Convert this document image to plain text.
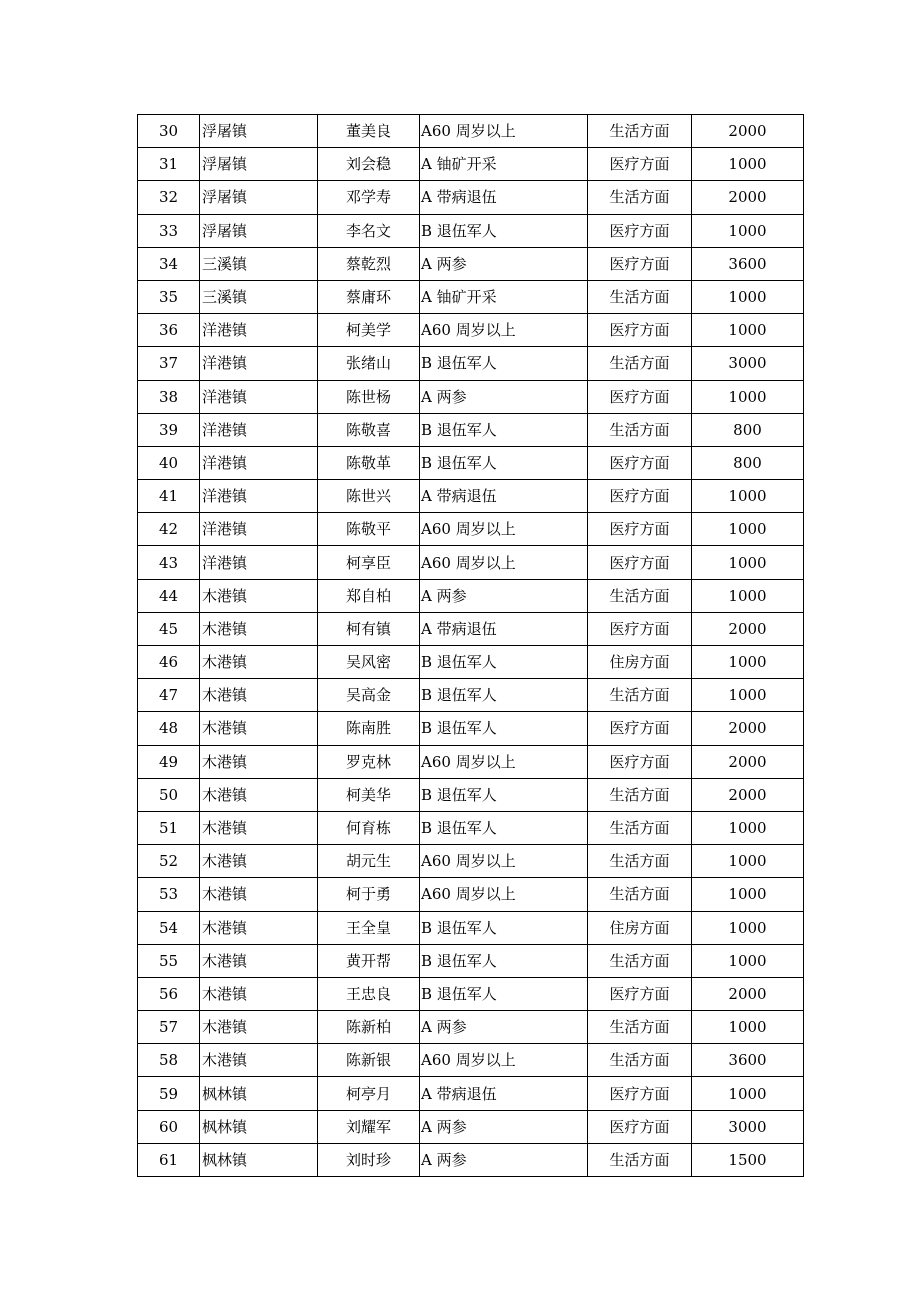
30	浮屠镇	董美良	A60 周岁以上	生活方面	2000
31	浮屠镇	刘会稳	A 铀矿开采	医疗方面	1000
32	浮屠镇	邓学寿	A 带病退伍	生活方面	2000
33	浮屠镇	李名文	B 退伍军人	医疗方面	1000
34	三溪镇	蔡乾烈	A 两参	医疗方面	3600
35	三溪镇	蔡庸环	A 铀矿开采	生活方面	1000
36	洋港镇	柯美学	A60 周岁以上	医疗方面	1000
37	洋港镇	张绪山	B 退伍军人	生活方面	3000
38	洋港镇	陈世杨	A 两参	医疗方面	1000
39	洋港镇	陈敬喜	B 退伍军人	生活方面	800
40	洋港镇	陈敬革	B 退伍军人	医疗方面	800
41	洋港镇	陈世兴	A 带病退伍	医疗方面	1000
42	洋港镇	陈敬平	A60 周岁以上	医疗方面	1000
43	洋港镇	柯享臣	A60 周岁以上	医疗方面	1000
44	木港镇	郑自柏	A 两参	生活方面	1000
45	木港镇	柯有镇	A 带病退伍	医疗方面	2000
46	木港镇	吴风密	B 退伍军人	住房方面	1000
47	木港镇	吴高金	B 退伍军人	生活方面	1000
48	木港镇	陈南胜	B 退伍军人	医疗方面	2000
49	木港镇	罗克林	A60 周岁以上	医疗方面	2000
50	木港镇	柯美华	B 退伍军人	生活方面	2000
51	木港镇	何育栋	B 退伍军人	生活方面	1000
52	木港镇	胡元生	A60 周岁以上	生活方面	1000
53	木港镇	柯于勇	A60 周岁以上	生活方面	1000
54	木港镇	王全皇	B 退伍军人	住房方面	1000
55	木港镇	黄开帮	B 退伍军人	生活方面	1000
56	木港镇	王忠良	B 退伍军人	医疗方面	2000
57	木港镇	陈新柏	A 两参	生活方面	1000
58	木港镇	陈新银	A60 周岁以上	生活方面	3600
59	枫林镇	柯亭月	A 带病退伍	医疗方面	1000
60	枫林镇	刘耀军	A 两参	医疗方面	3000
61	枫林镇	刘时珍	A 两参	生活方面	1500
